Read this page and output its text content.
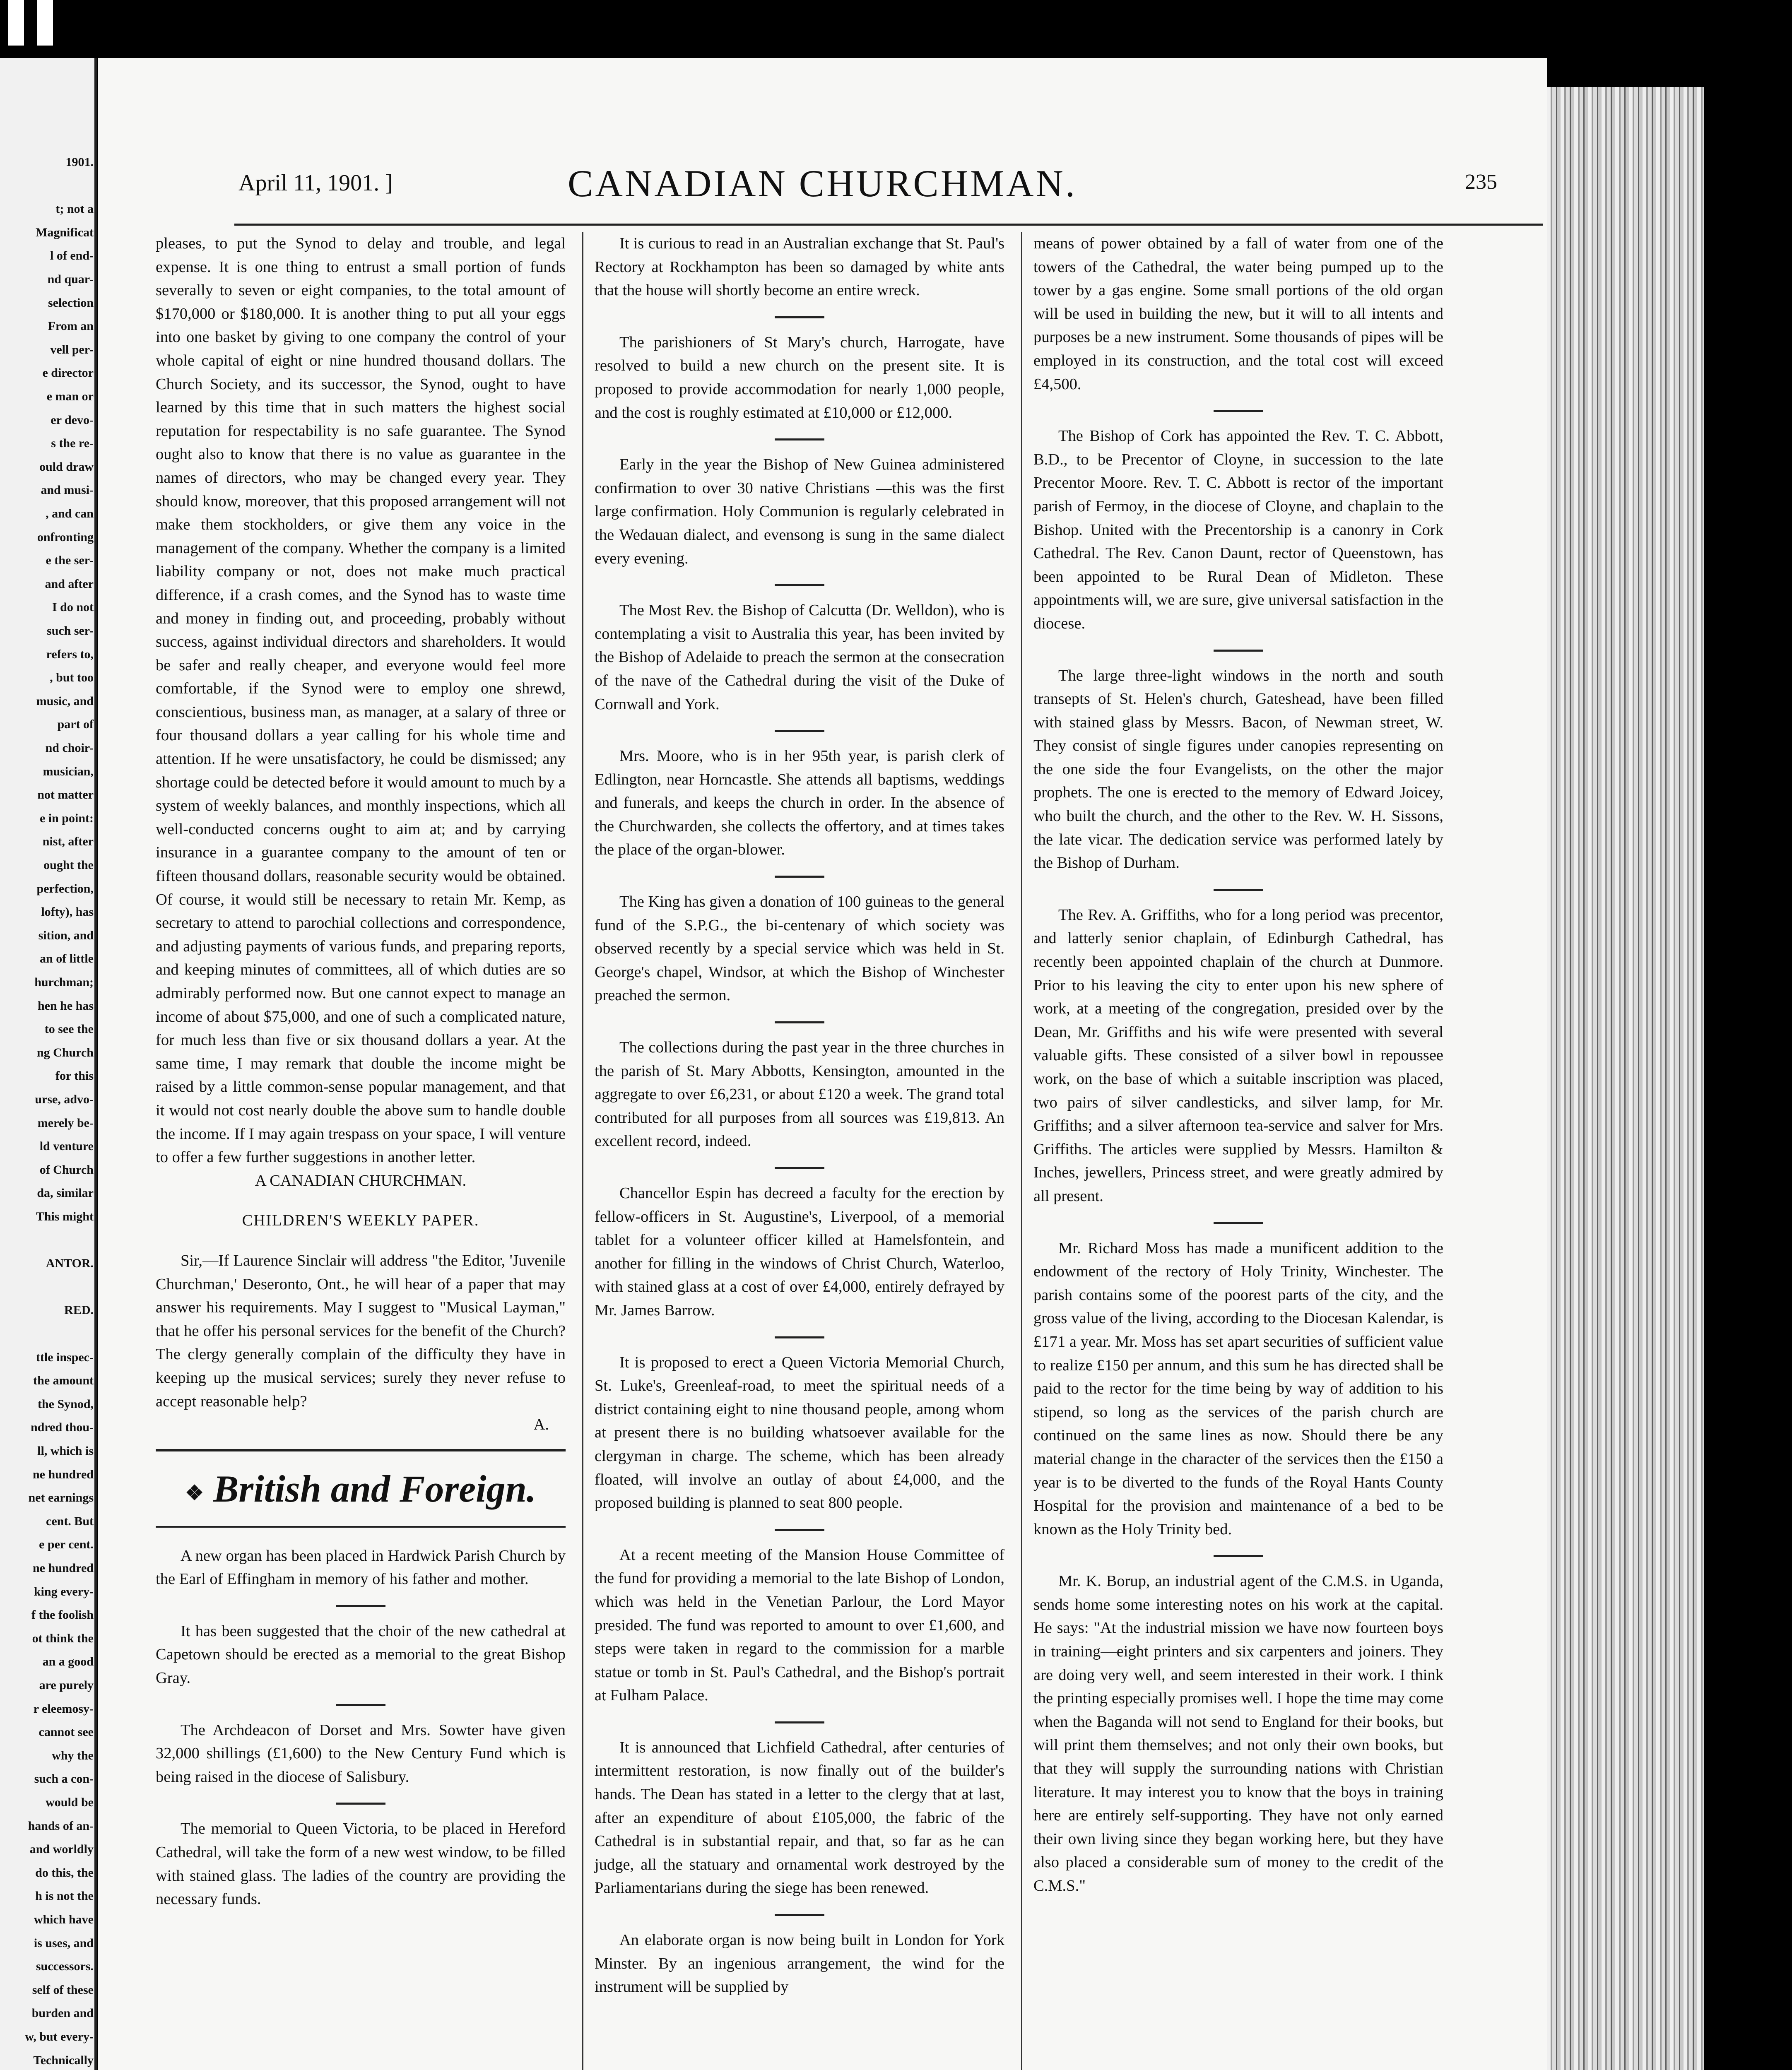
1901.
t; not a
Magnificat
l of end-
nd quar-
selection
From an
vell per-
e director
e man or
er devo-
s the re-
ould draw
and musi-
, and can
onfronting
e the ser-
and after
I do not
such ser-
refers to,
, but too
music, and
part of
nd choir-
musician,
not matter
e in point:
nist, after
ought the
perfection,
lofty), has
sition, and
an of little
hurchman;
hen he has
to see the
ng Church
for this
urse, advo-
merely be-
ld venture
of Church
da, similar
This might
ANTOR.
RED.
ttle inspec-
the amount
the Synod,
ndred thou-
ll, which is
ne hundred
net earnings
cent. But
e per cent.
ne hundred
king every-
f the foolish
ot think the
an a good
are purely
r eleemosy-
cannot see
why the
such a con-
would be
hands of an-
and worldly
do this, the
h is not the
which have
is uses, and
successors.
self of these
burden and
w, but every-
Technically
April 11, 1901. ]	CANADIAN CHURCHMAN.	235

pleases, to put the Synod to delay and trouble, and legal expense. It is one thing to entrust a small portion of funds severally to seven or eight companies, to the total amount of $170,000 or $180,000. It is another thing to put all your eggs into one basket by giving to one company the control of your whole capital of eight or nine hundred thousand dollars. The Church Society, and its successor, the Synod, ought to have learned by this time that in such matters the highest social reputation for respectability is no safe guarantee. The Synod ought also to know that there is no value as guarantee in the names of directors, who may be changed every year. They should know, moreover, that this proposed arrangement will not make them stockholders, or give them any voice in the management of the company. Whether the company is a limited liability company or not, does not make much practical difference, if a crash comes, and the Synod has to waste time and money in finding out, and proceeding, probably without success, against individual directors and shareholders. It would be safer and really cheaper, and everyone would feel more comfortable, if the Synod were to employ one shrewd, conscientious, business man, as manager, at a salary of three or four thousand dollars a year calling for his whole time and attention. If he were unsatisfactory, he could be dismissed; any shortage could be detected before it would amount to much by a system of weekly balances, and monthly inspections, which all well-conducted concerns ought to aim at; and by carrying insurance in a guarantee company to the amount of ten or fifteen thousand dollars, reasonable security would be obtained. Of course, it would still be necessary to retain Mr. Kemp, as secretary to attend to parochial collections and correspondence, and adjusting payments of various funds, and preparing reports, and keeping minutes of committees, all of which duties are so admirably performed now. But one cannot expect to manage an income of about $75,000, and one of such a complicated nature, for much less than five or six thousand dollars a year. At the same time, I may remark that double the income might be raised by a little common-sense popular management, and that it would not cost nearly double the above sum to handle double the income. If I may again trespass on your space, I will venture to offer a few further suggestions in another letter.

A CANADIAN CHURCHMAN.

CHILDREN'S WEEKLY PAPER.

Sir,—If Laurence Sinclair will address "the Editor, 'Juvenile Churchman,' Deseronto, Ont., he will hear of a paper that may answer his requirements. May I suggest to "Musical Layman," that he offer his personal services for the benefit of the Church? The clergy generally complain of the difficulty they have in keeping up the musical services; surely they never refuse to accept reasonable help?

A.

❖ British and Foreign.

A new organ has been placed in Hardwick Parish Church by the Earl of Effingham in memory of his father and mother.

It has been suggested that the choir of the new cathedral at Capetown should be erected as a memorial to the great Bishop Gray.

The Archdeacon of Dorset and Mrs. Sowter have given 32,000 shillings (£1,600) to the New Century Fund which is being raised in the diocese of Salisbury.

The memorial to Queen Victoria, to be placed in Hereford Cathedral, will take the form of a new west window, to be filled with stained glass. The ladies of the country are providing the necessary funds.

It is curious to read in an Australian exchange that St. Paul's Rectory at Rockhampton has been so damaged by white ants that the house will shortly become an entire wreck.

The parishioners of St Mary's church, Harrogate, have resolved to build a new church on the present site. It is proposed to provide accommodation for nearly 1,000 people, and the cost is roughly estimated at £10,000 or £12,000.

Early in the year the Bishop of New Guinea administered confirmation to over 30 native Christians —this was the first large confirmation. Holy Communion is regularly celebrated in the Wedauan dialect, and evensong is sung in the same dialect every evening.

The Most Rev. the Bishop of Calcutta (Dr. Welldon), who is contemplating a visit to Australia this year, has been invited by the Bishop of Adelaide to preach the sermon at the consecration of the nave of the Cathedral during the visit of the Duke of Cornwall and York.

Mrs. Moore, who is in her 95th year, is parish clerk of Edlington, near Horncastle. She attends all baptisms, weddings and funerals, and keeps the church in order. In the absence of the Churchwarden, she collects the offertory, and at times takes the place of the organ-blower.

The King has given a donation of 100 guineas to the general fund of the S.P.G., the bi-centenary of which society was observed recently by a special service which was held in St. George's chapel, Windsor, at which the Bishop of Winchester preached the sermon.

The collections during the past year in the three churches in the parish of St. Mary Abbotts, Kensington, amounted in the aggregate to over £6,231, or about £120 a week. The grand total contributed for all purposes from all sources was £19,813. An excellent record, indeed.

Chancellor Espin has decreed a faculty for the erection by fellow-officers in St. Augustine's, Liverpool, of a memorial tablet for a volunteer officer killed at Hamelsfontein, and another for filling in the windows of Christ Church, Waterloo, with stained glass at a cost of over £4,000, entirely defrayed by Mr. James Barrow.

It is proposed to erect a Queen Victoria Memorial Church, St. Luke's, Greenleaf-road, to meet the spiritual needs of a district containing eight to nine thousand people, among whom at present there is no building whatsoever available for the clergyman in charge. The scheme, which has been already floated, will involve an outlay of about £4,000, and the proposed building is planned to seat 800 people.

At a recent meeting of the Mansion House Committee of the fund for providing a memorial to the late Bishop of London, which was held in the Venetian Parlour, the Lord Mayor presided. The fund was reported to amount to over £1,600, and steps were taken in regard to the commission for a marble statue or tomb in St. Paul's Cathedral, and the Bishop's portrait at Fulham Palace.

It is announced that Lichfield Cathedral, after centuries of intermittent restoration, is now finally out of the builder's hands. The Dean has stated in a letter to the clergy that at last, after an expenditure of about £105,000, the fabric of the Cathedral is in substantial repair, and that, so far as he can judge, all the statuary and ornamental work destroyed by the Parliamentarians during the siege has been renewed.

An elaborate organ is now being built in London for York Minster. By an ingenious arrangement, the wind for the instrument will be supplied by

means of power obtained by a fall of water from one of the towers of the Cathedral, the water being pumped up to the tower by a gas engine. Some small portions of the old organ will be used in building the new, but it will to all intents and purposes be a new instrument. Some thousands of pipes will be employed in its construction, and the total cost will exceed £4,500.

The Bishop of Cork has appointed the Rev. T. C. Abbott, B.D., to be Precentor of Cloyne, in succession to the late Precentor Moore. Rev. T. C. Abbott is rector of the important parish of Fermoy, in the diocese of Cloyne, and chaplain to the Bishop. United with the Precentorship is a canonry in Cork Cathedral. The Rev. Canon Daunt, rector of Queenstown, has been appointed to be Rural Dean of Midleton. These appointments will, we are sure, give universal satisfaction in the diocese.

The large three-light windows in the north and south transepts of St. Helen's church, Gateshead, have been filled with stained glass by Messrs. Bacon, of Newman street, W. They consist of single figures under canopies representing on the one side the four Evangelists, on the other the major prophets. The one is erected to the memory of Edward Joicey, who built the church, and the other to the Rev. W. H. Sissons, the late vicar. The dedication service was performed lately by the Bishop of Durham.

The Rev. A. Griffiths, who for a long period was precentor, and latterly senior chaplain, of Edinburgh Cathedral, has recently been appointed chaplain of the church at Dunmore. Prior to his leaving the city to enter upon his new sphere of work, at a meeting of the congregation, presided over by the Dean, Mr. Griffiths and his wife were presented with several valuable gifts. These consisted of a silver bowl in repoussee work, on the base of which a suitable inscription was placed, two pairs of silver candlesticks, and silver lamp, for Mr. Griffiths; and a silver afternoon tea-service and salver for Mrs. Griffiths. The articles were supplied by Messrs. Hamilton & Inches, jewellers, Princess street, and were greatly admired by all present.

Mr. Richard Moss has made a munificent addition to the endowment of the rectory of Holy Trinity, Winchester. The parish contains some of the poorest parts of the city, and the gross value of the living, according to the Diocesan Kalendar, is £171 a year. Mr. Moss has set apart securities of sufficient value to realize £150 per annum, and this sum he has directed shall be paid to the rector for the time being by way of addition to his stipend, so long as the services of the parish church are continued on the same lines as now. Should there be any material change in the character of the services then the £150 a year is to be diverted to the funds of the Royal Hants County Hospital for the provision and maintenance of a bed to be known as the Holy Trinity bed.

Mr. K. Borup, an industrial agent of the C.M.S. in Uganda, sends home some interesting notes on his work at the capital. He says: "At the industrial mission we have now fourteen boys in training—eight printers and six carpenters and joiners. They are doing very well, and seem interested in their work. I think the printing especially promises well. I hope the time may come when the Baganda will not send to England for their books, but will print them themselves; and not only their own books, but that they will supply the surrounding nations with Christian literature. It may interest you to know that the boys in training here are entirely self-supporting. They have not only earned their own living since they began working here, but they have also placed a considerable sum of money to the credit of the C.M.S."
